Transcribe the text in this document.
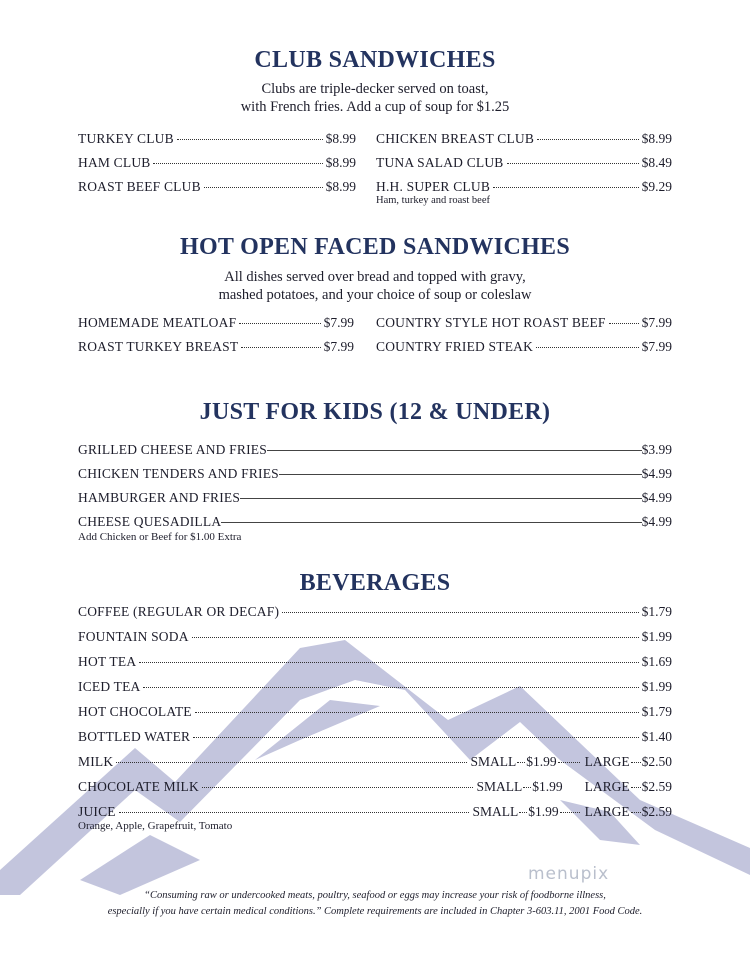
CLUB SANDWICHES
Clubs are triple-decker served on toast,
with French fries. Add a cup of soup for $1.25
TURKEY CLUB	$8.99
HAM CLUB	$8.99
ROAST BEEF CLUB	$8.99
CHICKEN BREAST CLUB	$8.99
TUNA SALAD CLUB	$8.49
H.H. SUPER CLUB	$9.29
Ham, turkey and roast beef
HOT OPEN FACED SANDWICHES
All dishes served over bread and topped with gravy,
mashed potatoes, and your choice of soup or coleslaw
HOMEMADE MEATLOAF	$7.99
ROAST TURKEY BREAST	$7.99
COUNTRY STYLE HOT ROAST BEEF	$7.99
COUNTRY FRIED STEAK	$7.99
JUST FOR KIDS (12 & UNDER)
GRILLED CHEESE AND FRIES	$3.99
CHICKEN TENDERS AND FRIES	$4.99
HAMBURGER AND FRIES	$4.99
CHEESE QUESADILLA	$4.99
Add Chicken or Beef for $1.00 Extra
BEVERAGES
COFFEE (REGULAR OR DECAF)	$1.79
FOUNTAIN SODA	$1.99
HOT TEA	$1.69
ICED TEA	$1.99
HOT CHOCOLATE	$1.79
BOTTLED WATER	$1.40
MILK	SMALL $1.99 LARGE $2.50
CHOCOLATE MILK	SMALL $1.99 LARGE $2.59
JUICE	SMALL $1.99 LARGE $2.59
Orange, Apple, Grapefruit, Tomato
menupix
“Consuming raw or undercooked meats, poultry, seafood or eggs may increase your risk of foodborne illness,
especially if you have certain medical conditions.” Complete requirements are included in Chapter 3-603.11, 2001 Food Code.
